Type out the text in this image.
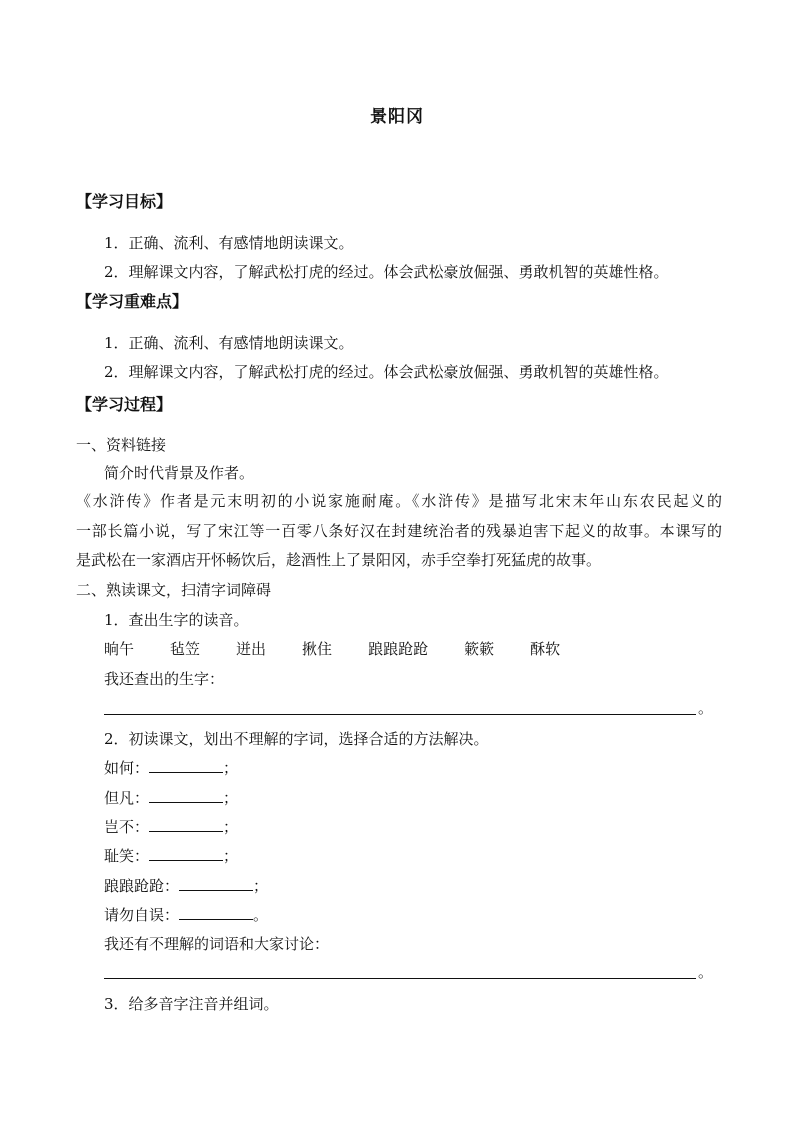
景阳冈
【学习目标】
1．正确、流利、有感情地朗读课文。
2．理解课文内容，了解武松打虎的经过。体会武松豪放倔强、勇敢机智的英雄性格。
【学习重难点】
1．正确、流利、有感情地朗读课文。
2．理解课文内容，了解武松打虎的经过。体会武松豪放倔强、勇敢机智的英雄性格。
【学习过程】
一、资料链接
简介时代背景及作者。
《水浒传》作者是元末明初的小说家施耐庵。《水浒传》是描写北宋末年山东农民起义的
一部长篇小说，写了宋江等一百零八条好汉在封建统治者的残暴迫害下起义的故事。本课写的
是武松在一家酒店开怀畅饮后，趁酒性上了景阳冈，赤手空拳打死猛虎的故事。
二、熟读课文，扫清字词障碍
1．查出生字的读音。
晌午 毡笠 迸出 揪住 踉踉跄跄 簌簌 酥软
我还查出的生字：
。
2．初读课文，划出不理解的字词，选择合适的方法解决。
如何：	；
但凡：	；
岂不：	；
耻笑：	；
踉踉跄跄：	；
请勿自误：	。
我还有不理解的词语和大家讨论：
。
3．给多音字注音并组词。
